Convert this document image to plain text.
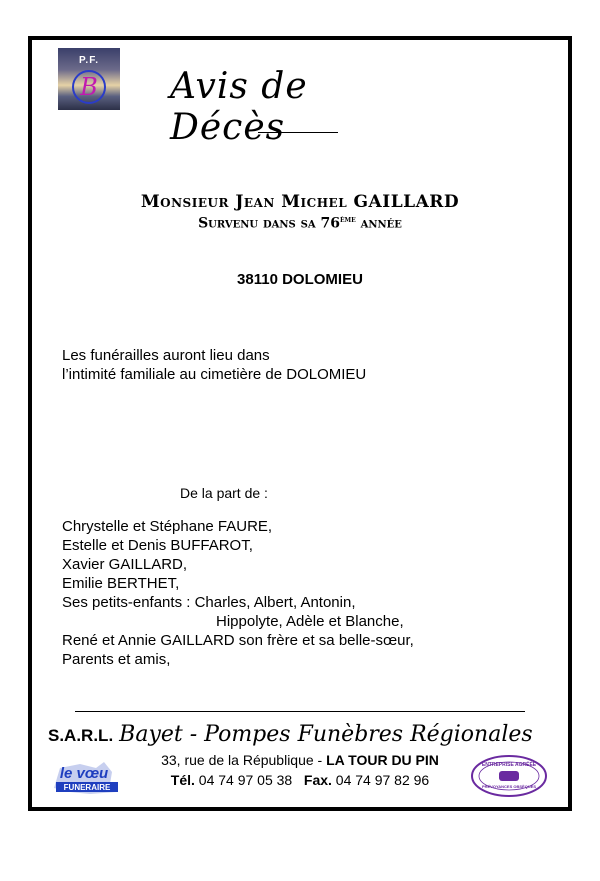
P.F.
B	Avis de Décès
Monsieur Jean Michel GAILLARD
Survenu dans sa 76ème année
38110 DOLOMIEU
Les funérailles auront lieu dans
l’intimité familiale au cimetière de DOLOMIEU
De la part de :
Chrystelle et Stéphane FAURE,
Estelle et Denis BUFFAROT,
Xavier GAILLARD,
Emilie BERTHET,
Ses petits-enfants : Charles, Albert, Antonin,
Hippolyte, Adèle et Blanche,
René et Annie GAILLARD son frère et sa belle-sœur,
Parents et amis,
S.A.R.L. Bayet - Pompes Funèbres Régionales
33, rue de la République - LA TOUR DU PIN
Tél. 04 74 97 05 38 Fax. 04 74 97 82 96
le vœu
FUNERAIRE
ENTREPRISE AGRÉÉE
PRÉVOYANCES OBSÈQUES
